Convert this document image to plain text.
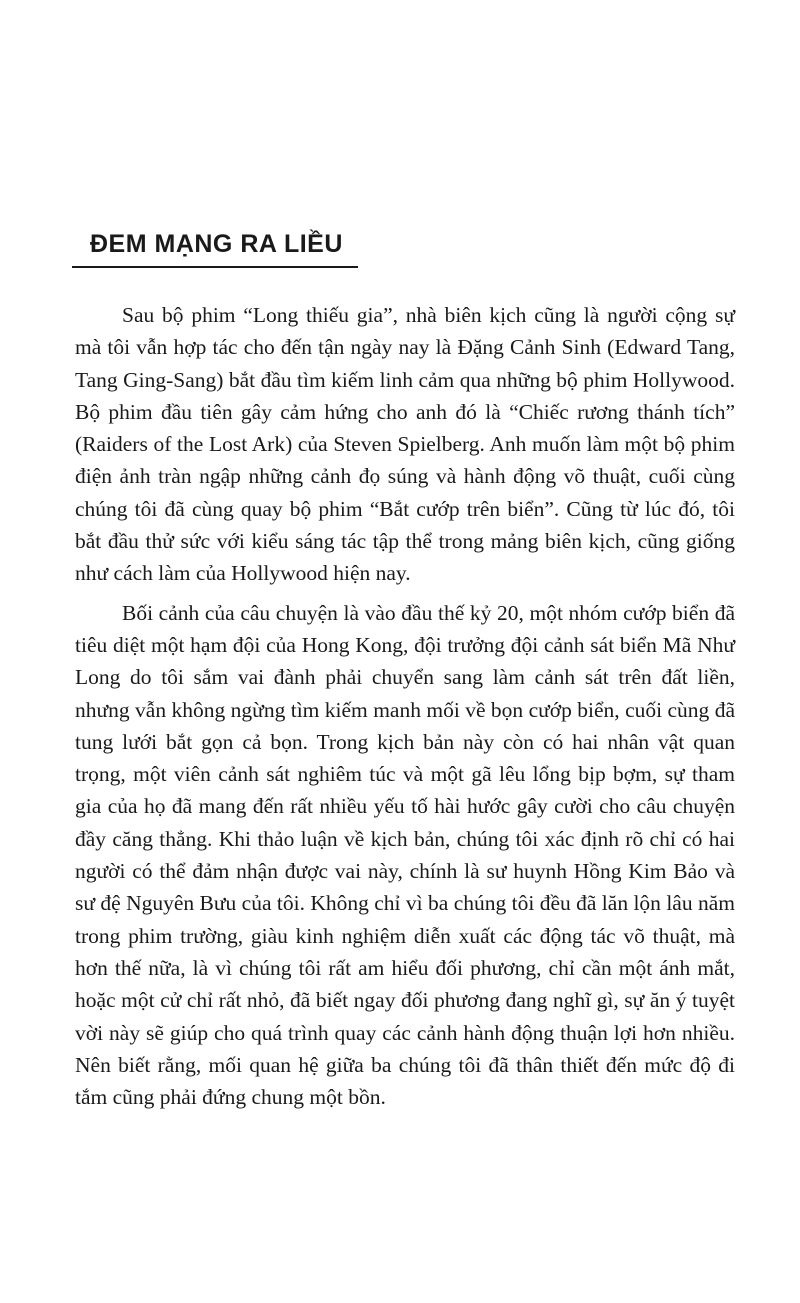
ĐEM MẠNG RA LIỀU

Sau bộ phim “Long thiếu gia”, nhà biên kịch cũng là người cộng sự mà tôi vẫn hợp tác cho đến tận ngày nay là Đặng Cảnh Sinh (Edward Tang, Tang Ging-Sang) bắt đầu tìm kiếm linh cảm qua những bộ phim Hollywood. Bộ phim đầu tiên gây cảm hứng cho anh đó là “Chiếc rương thánh tích” (Raiders of the Lost Ark) của Steven Spielberg. Anh muốn làm một bộ phim điện ảnh tràn ngập những cảnh đọ súng và hành động võ thuật, cuối cùng chúng tôi đã cùng quay bộ phim “Bắt cướp trên biển”. Cũng từ lúc đó, tôi bắt đầu thử sức với kiểu sáng tác tập thể trong mảng biên kịch, cũng giống như cách làm của Hollywood hiện nay.

Bối cảnh của câu chuyện là vào đầu thế kỷ 20, một nhóm cướp biển đã tiêu diệt một hạm đội của Hong Kong, đội trưởng đội cảnh sát biển Mã Như Long do tôi sắm vai đành phải chuyển sang làm cảnh sát trên đất liền, nhưng vẫn không ngừng tìm kiếm manh mối về bọn cướp biển, cuối cùng đã tung lưới bắt gọn cả bọn. Trong kịch bản này còn có hai nhân vật quan trọng, một viên cảnh sát nghiêm túc và một gã lêu lổng bịp bợm, sự tham gia của họ đã mang đến rất nhiều yếu tố hài hước gây cười cho câu chuyện đầy căng thẳng. Khi thảo luận về kịch bản, chúng tôi xác định rõ chỉ có hai người có thể đảm nhận được vai này, chính là sư huynh Hồng Kim Bảo và sư đệ Nguyên Bưu của tôi. Không chỉ vì ba chúng tôi đều đã lăn lộn lâu năm trong phim trường, giàu kinh nghiệm diễn xuất các động tác võ thuật, mà hơn thế nữa, là vì chúng tôi rất am hiểu đối phương, chỉ cần một ánh mắt, hoặc một cử chỉ rất nhỏ, đã biết ngay đối phương đang nghĩ gì, sự ăn ý tuyệt vời này sẽ giúp cho quá trình quay các cảnh hành động thuận lợi hơn nhiều. Nên biết rằng, mối quan hệ giữa ba chúng tôi đã thân thiết đến mức độ đi tắm cũng phải đứng chung một bồn.
